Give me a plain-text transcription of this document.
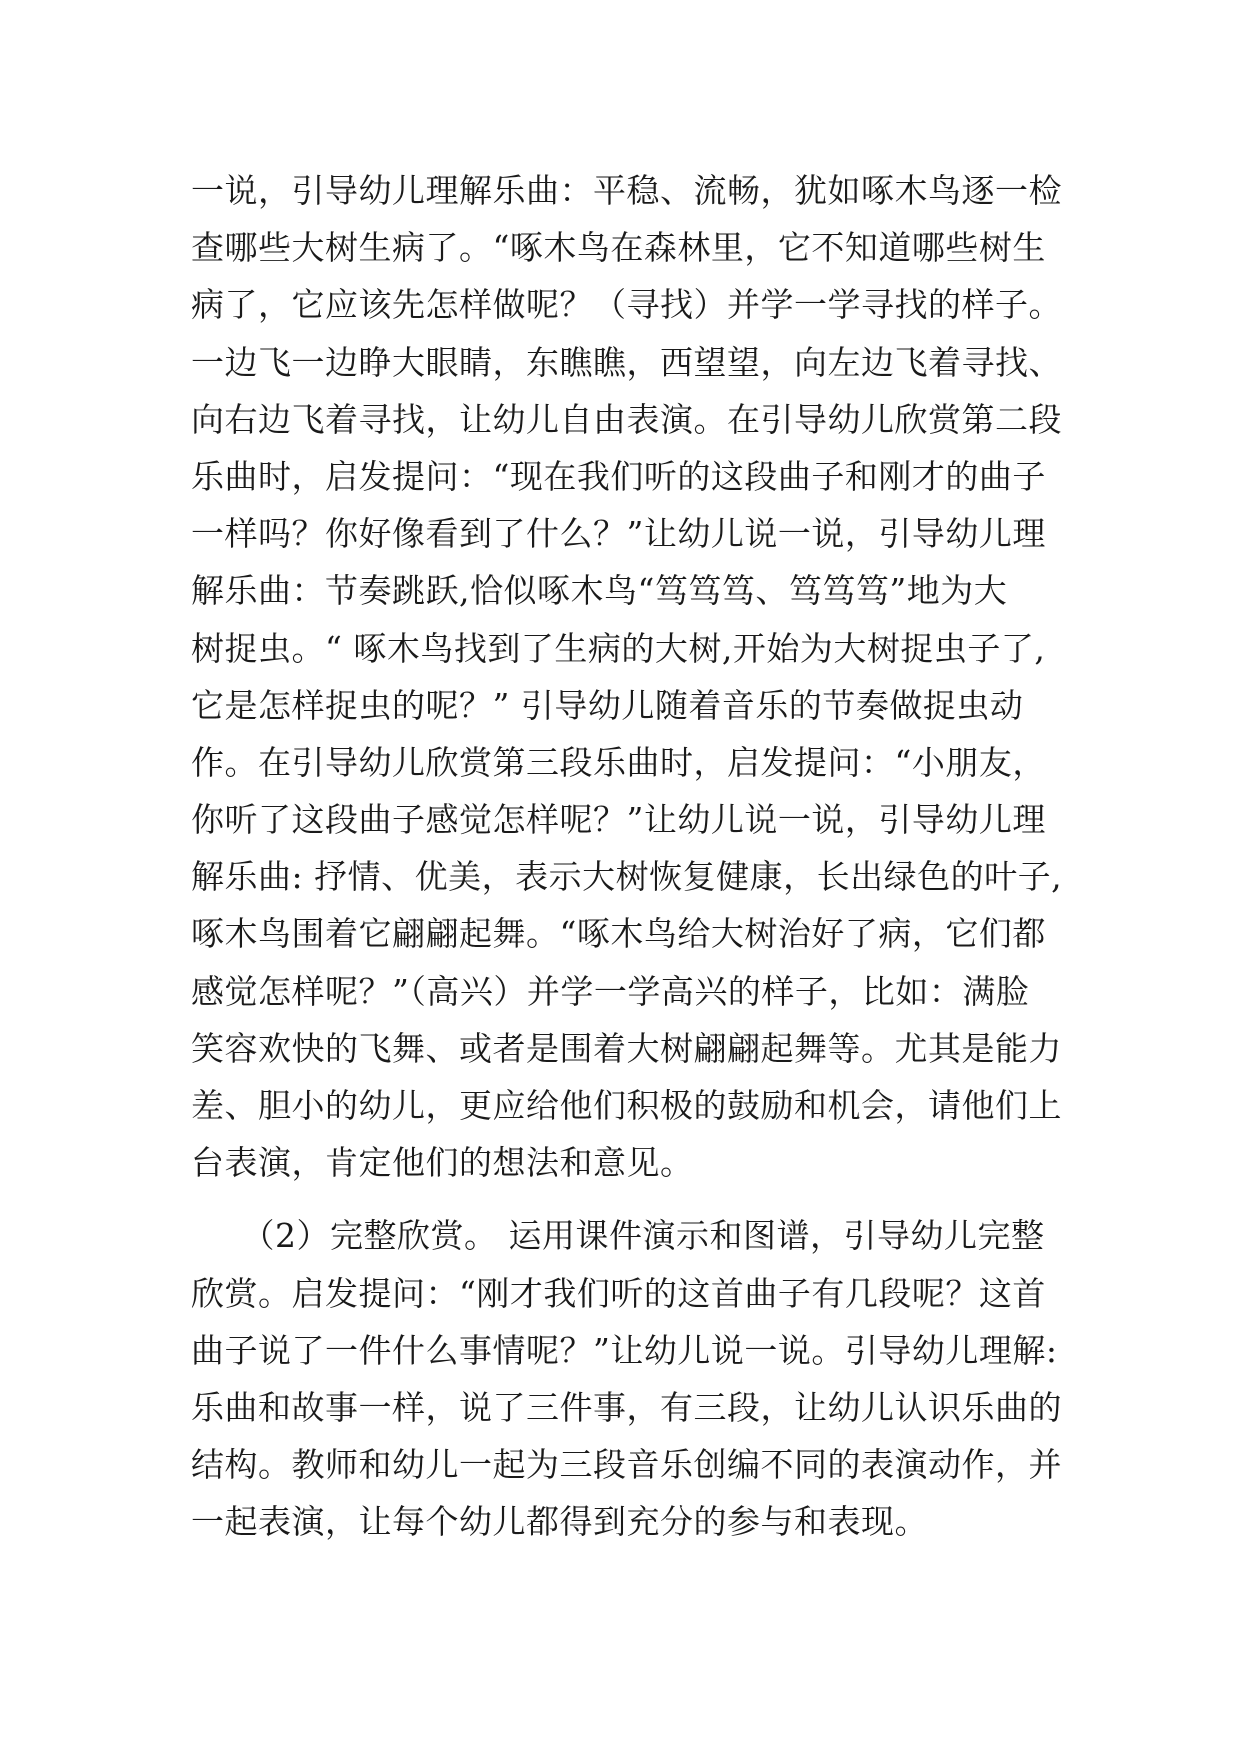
一说，引导幼儿理解乐曲：平稳、流畅，犹如啄木鸟逐一检
查哪些大树生病了。“啄木鸟在森林里，它不知道哪些树生
病了，它应该先怎样做呢？（寻找）并学一学寻找的样子。
一边飞一边睁大眼睛，东瞧瞧，西望望，向左边飞着寻找、
向右边飞着寻找，让幼儿自由表演。在引导幼儿欣赏第二段
乐曲时，启发提问：“现在我们听的这段曲子和刚才的曲子
一样吗？你好像看到了什么？”让幼儿说一说，引导幼儿理
解乐曲：节奏跳跃,恰似啄木鸟“笃笃笃、笃笃笃”地为大
树捉虫。“ 啄木鸟找到了生病的大树,开始为大树捉虫子了,
它是怎样捉虫的呢？” 引导幼儿随着音乐的节奏做捉虫动
作。在引导幼儿欣赏第三段乐曲时，启发提问：“小朋友，
你听了这段曲子感觉怎样呢？”让幼儿说一说，引导幼儿理
解乐曲: 抒情、优美，表示大树恢复健康，长出绿色的叶子,
啄木鸟围着它翩翩起舞。“啄木鸟给大树治好了病，它们都
感觉怎样呢？”（高兴）并学一学高兴的样子，比如：满脸
笑容欢快的飞舞、或者是围着大树翩翩起舞等。尤其是能力
差、胆小的幼儿，更应给他们积极的鼓励和机会，请他们上
台表演，肯定他们的想法和意见。
　　（2）完整欣赏。 运用课件演示和图谱，引导幼儿完整
欣赏。启发提问：“刚才我们听的这首曲子有几段呢？这首
曲子说了一件什么事情呢？”让幼儿说一说。引导幼儿理解:
乐曲和故事一样，说了三件事，有三段，让幼儿认识乐曲的
结构。教师和幼儿一起为三段音乐创编不同的表演动作，并
一起表演，让每个幼儿都得到充分的参与和表现。
